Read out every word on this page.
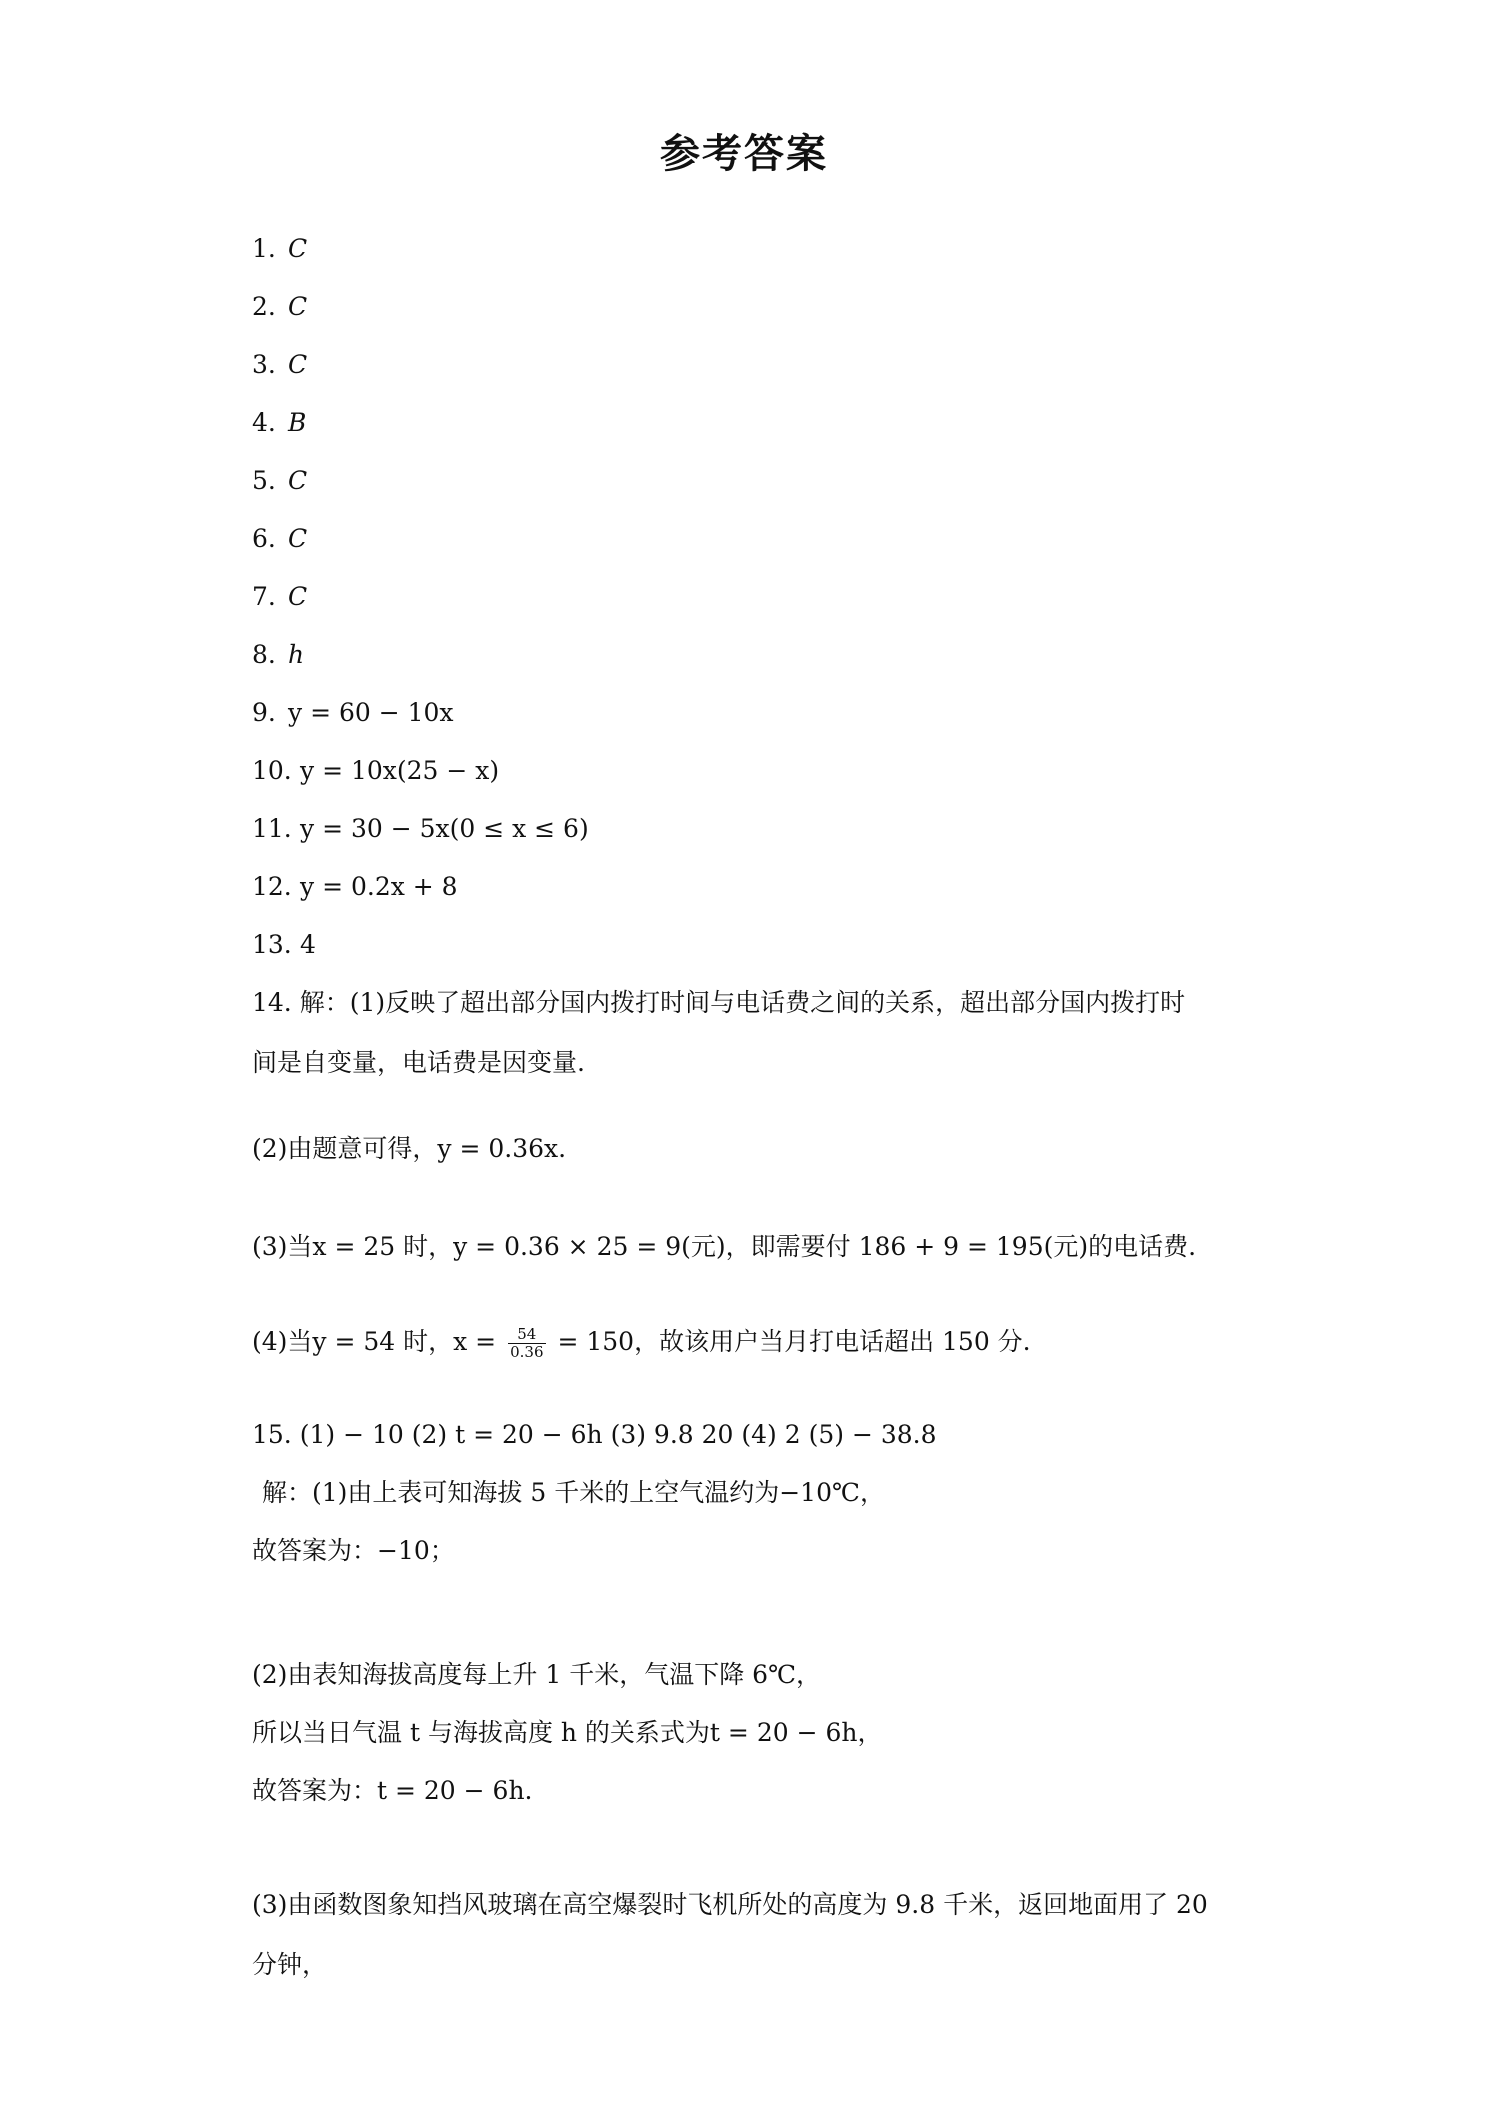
参考答案
1. C
2. C
3. C
4. B
5. C
6. C
7. C
8. h
9. y = 60 − 10x
10. y = 10x(25 − x)
11. y = 30 − 5x(0 ≤ x ≤ 6)
12. y = 0.2x + 8
13. 4
14. 解：(1)反映了超出部分国内拨打时间与电话费之间的关系，超出部分国内拨打时
间是自变量，电话费是因变量.
(2)由题意可得，y = 0.36x.
(3)当x = 25 时，y = 0.36 × 25 = 9(元)，即需要付 186 + 9 = 195(元)的电话费.
(4)当y = 54 时，$x = \frac{54}{0.36} = 150$，故该用户当月打电话超出 150 分.
15. (1) − 10 (2) t = 20 − 6h (3) 9.8 20 (4) 2 (5) − 38.8
解：(1)由上表可知海拔 5 千米的上空气温约为−10℃，
故答案为：−10；
(2)由表知海拔高度每上升 1 千米，气温下降 6℃，
所以当日气温 t 与海拔高度 h 的关系式为t = 20 − 6h，
故答案为：t = 20 − 6h.
(3)由函数图象知挡风玻璃在高空爆裂时飞机所处的高度为 9.8 千米，返回地面用了 20
分钟，
